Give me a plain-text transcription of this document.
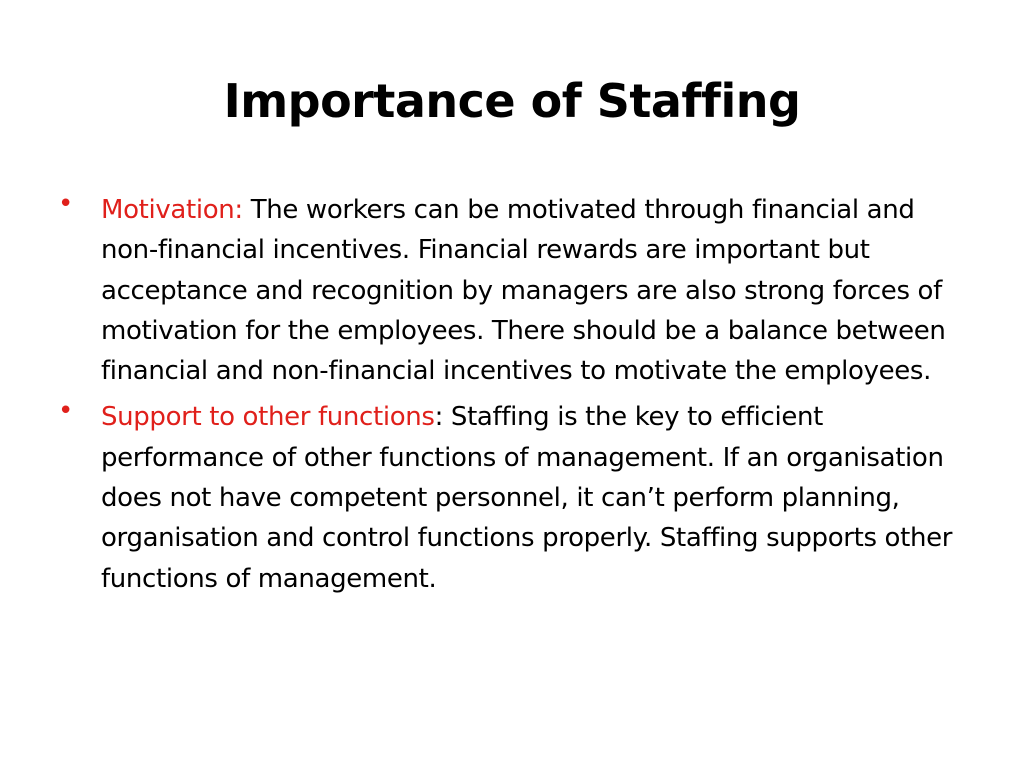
Importance of Staffing
• Motivation: The workers can be motivated through financial and non-financial incentives. Financial rewards are important but acceptance and recognition by managers are also strong forces of motivation for the employees. There should be a balance between financial and non-financial incentives to motivate the employees.
• Support to other functions: Staffing is the key to efficient performance of other functions of management. If an organisation does not have competent personnel, it can’t perform planning, organisation and control functions properly. Staffing supports other functions of management.
